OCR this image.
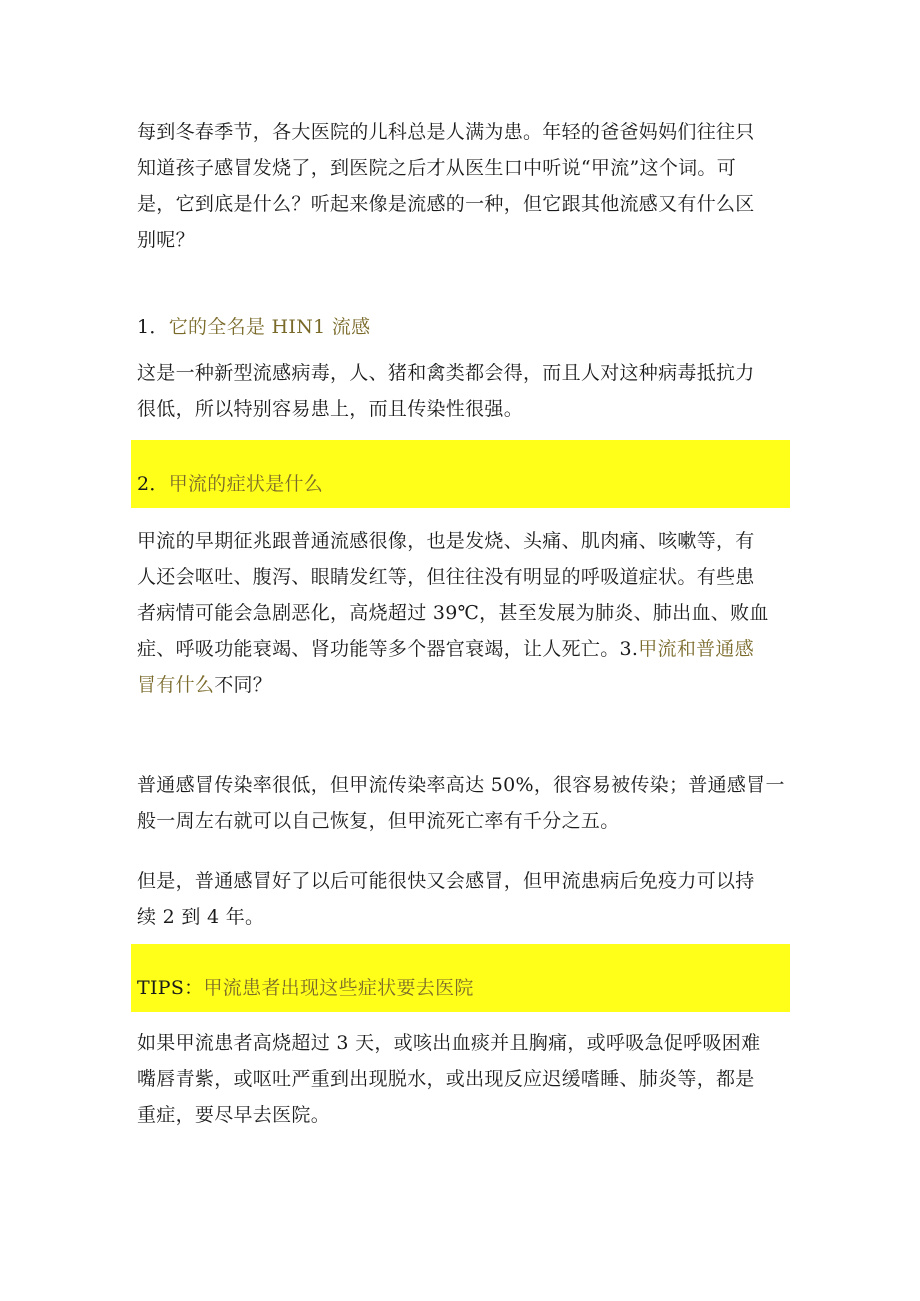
每到冬春季节，各大医院的儿科总是人满为患。年轻的爸爸妈妈们往往只
知道孩子感冒发烧了，到医院之后才从医生口中听说“甲流”这个词。可
是，它到底是什么？听起来像是流感的一种，但它跟其他流感又有什么区
别呢？

1．它的全名是 HIN1 流感

这是一种新型流感病毒，人、猪和禽类都会得，而且人对这种病毒抵抗力
很低，所以特别容易患上，而且传染性很强。

2．甲流的症状是什么

甲流的早期征兆跟普通流感很像，也是发烧、头痛、肌肉痛、咳嗽等，有
人还会呕吐、腹泻、眼睛发红等，但往往没有明显的呼吸道症状。有些患
者病情可能会急剧恶化，高烧超过 39℃，甚至发展为肺炎、肺出血、败血
症、呼吸功能衰竭、肾功能等多个器官衰竭，让人死亡。3.甲流和普通感
冒有什么不同？

普通感冒传染率很低，但甲流传染率高达 50%，很容易被传染；普通感冒一
般一周左右就可以自己恢复，但甲流死亡率有千分之五。

但是，普通感冒好了以后可能很快又会感冒，但甲流患病后免疫力可以持
续 2 到 4 年。

TIPS：甲流患者出现这些症状要去医院

如果甲流患者高烧超过 3 天，或咳出血痰并且胸痛，或呼吸急促呼吸困难
嘴唇青紫，或呕吐严重到出现脱水，或出现反应迟缓嗜睡、肺炎等，都是
重症，要尽早去医院。
